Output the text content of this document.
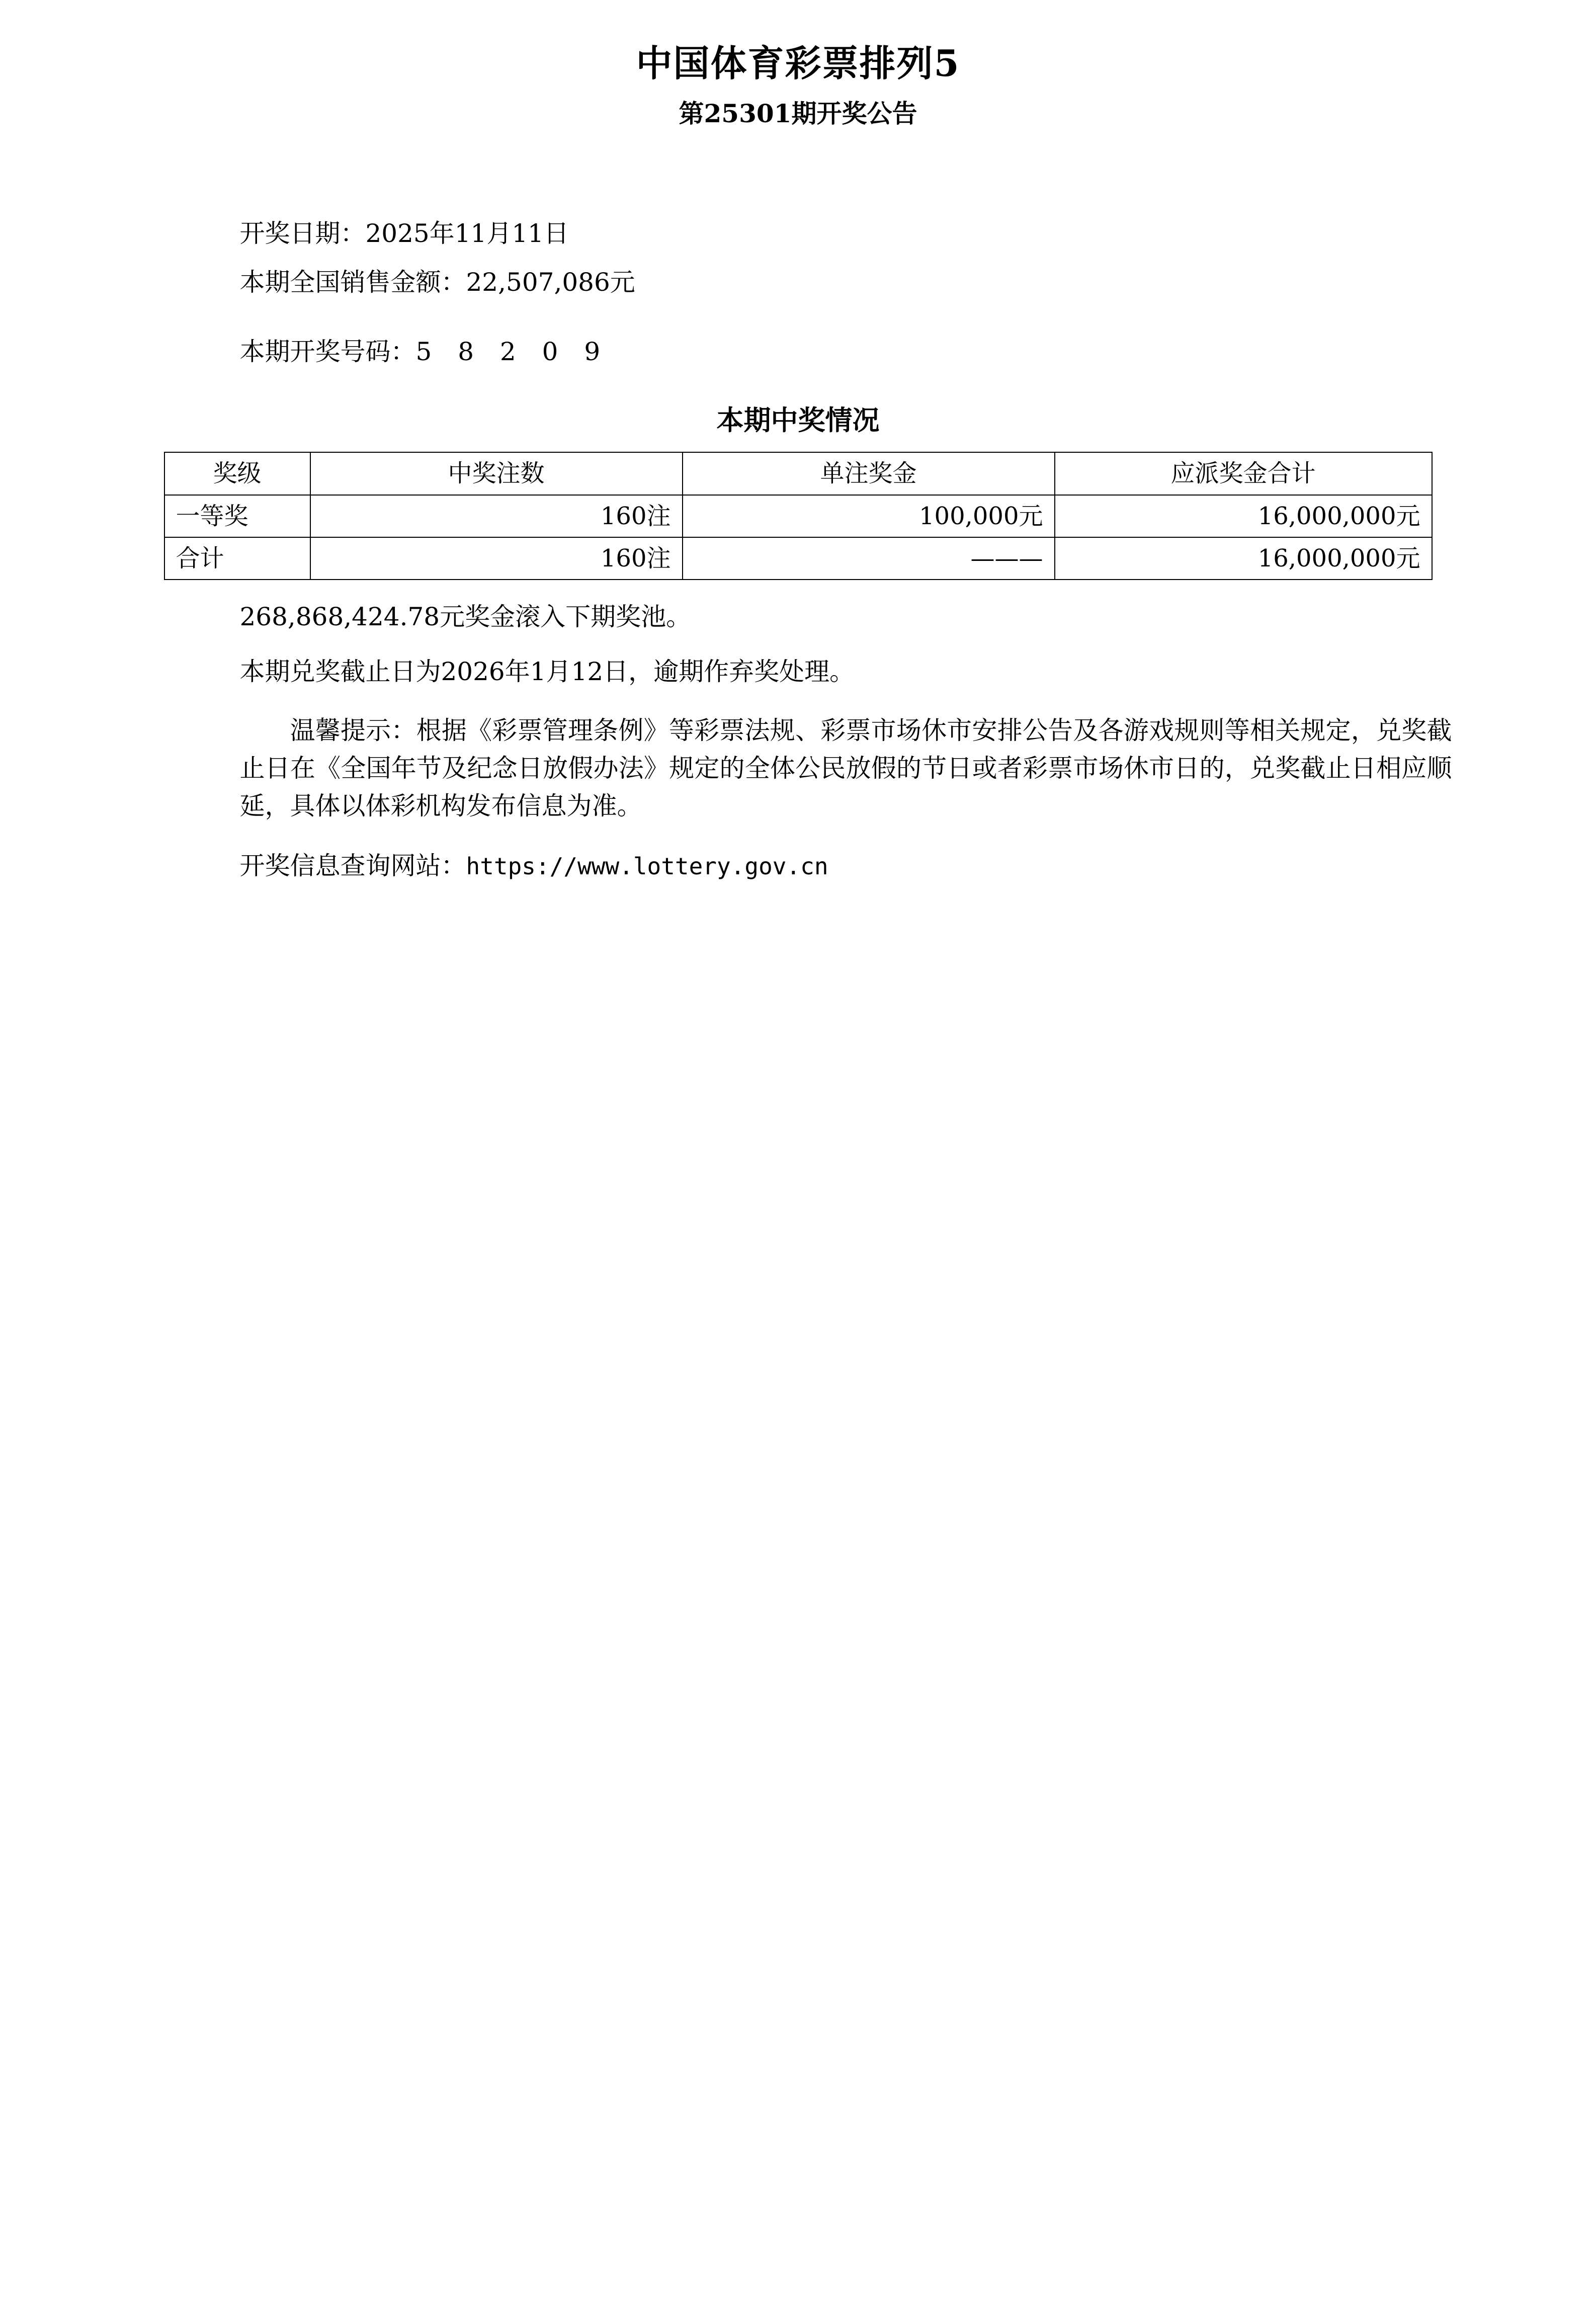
中国体育彩票排列5
第25301期开奖公告

开奖日期：2025年11月11日

本期全国销售金额：22,507,086元

本期开奖号码：5 8 2 0 9

本期中奖情况
奖级	中奖注数	单注奖金	应派奖金合计
一等奖	160注	100,000元	16,000,000元
合计	160注	———	16,000,000元

268,868,424.78元奖金滚入下期奖池。

本期兑奖截止日为2026年1月12日，逾期作弃奖处理。

温馨提示：根据《彩票管理条例》等彩票法规、彩票市场休市安排公告及各游戏规则等相关规定，兑奖截止日在《全国年节及纪念日放假办法》规定的全体公民放假的节日或者彩票市场休市日的，兑奖截止日相应顺延，具体以体彩机构发布信息为准。

开奖信息查询网站：https://www.lottery.gov.cn
